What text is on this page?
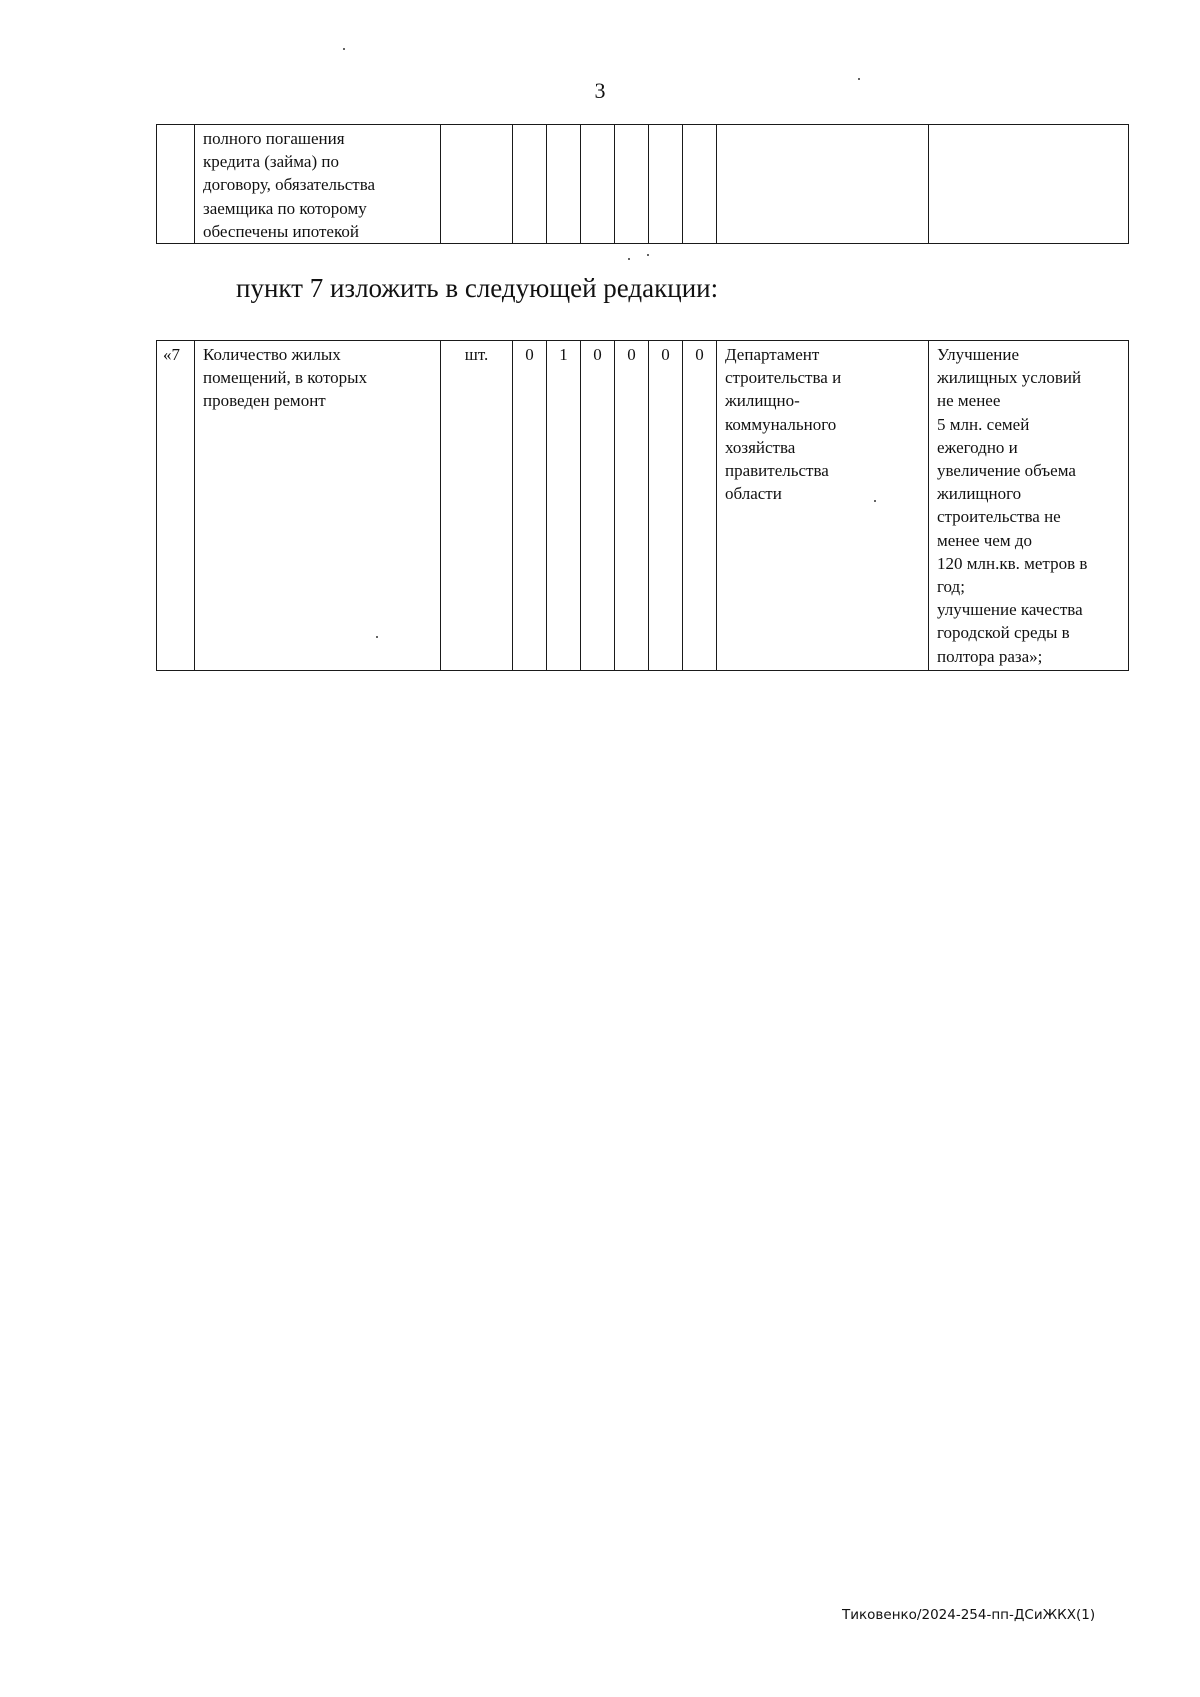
3
	полного погашения
кредита (займа) по
договору, обязательства
заемщика по которому
обеспечены ипотекой									
пункт 7 изложить в следующей редакции:
«7	Количество жилых
помещений, в которых
проведен ремонт	шт.	0	1	0	0	0	0	Департамент
строительства и
жилищно-
коммунального
хозяйства
правительства
области	Улучшение
жилищных условий
не менее
5 млн. семей
ежегодно и
увеличение объема
жилищного
строительства не
менее чем до
120 млн.кв. метров в
год;
улучшение качества
городской среды в
полтора раза»;
Тиковенко/2024-254-пп-ДСиЖКХ(1)
